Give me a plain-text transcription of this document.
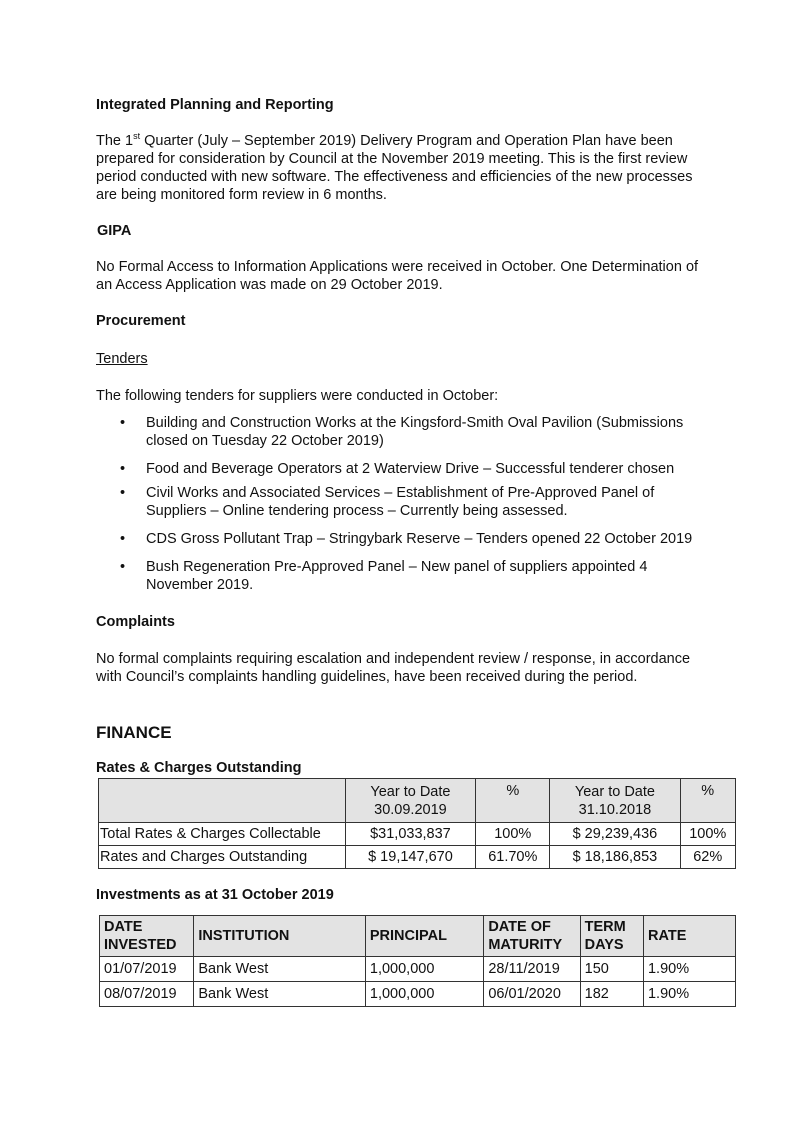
Integrated Planning and Reporting

The 1st Quarter (July – September 2019) Delivery Program and Operation Plan have been prepared for consideration by Council at the November 2019 meeting. This is the first review period conducted with new software. The effectiveness and efficiencies of the new processes are being monitored form review in 6 months.

GIPA

No Formal Access to Information Applications were received in October. One Determination of an Access Application was made on 29 October 2019.

Procurement

Tenders

The following tenders for suppliers were conducted in October:

• Building and Construction Works at the Kingsford-Smith Oval Pavilion (Submissions closed on Tuesday 22 October 2019)
• Food and Beverage Operators at 2 Waterview Drive – Successful tenderer chosen
• Civil Works and Associated Services – Establishment of Pre-Approved Panel of Suppliers – Online tendering process – Currently being assessed.
• CDS Gross Pollutant Trap – Stringybark Reserve – Tenders opened 22 October 2019
• Bush Regeneration Pre-Approved Panel – New panel of suppliers appointed 4 November 2019.

Complaints

No formal complaints requiring escalation and independent review / response, in accordance with Council’s complaints handling guidelines, have been received during the period.

FINANCE

Rates & Charges Outstanding

	Year to Date 30.09.2019	%	Year to Date 31.10.2018	%
Total Rates & Charges Collectable	$31,033,837	100%	$ 29,239,436	100%
Rates and Charges Outstanding	$ 19,147,670	61.70%	$ 18,186,853	62%

Investments as at 31 October 2019

DATE INVESTED	INSTITUTION	PRINCIPAL	DATE OF MATURITY	TERM DAYS	RATE
01/07/2019	Bank West	1,000,000	28/11/2019	150	1.90%
08/07/2019	Bank West	1,000,000	06/01/2020	182	1.90%
